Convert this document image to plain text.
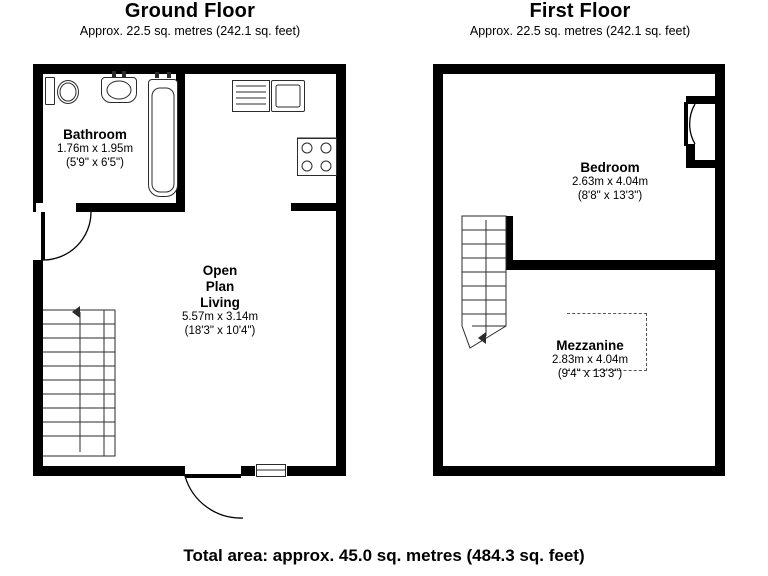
Ground Floor
Approx. 22.5 sq. metres (242.1 sq. feet)
First Floor
Approx. 22.5 sq. metres (242.1 sq. feet)
Bathroom
1.76m x 1.95m
(5'9" x 6'5")
Open
Plan
Living
5.57m x 3.14m
(18'3" x 10'4")
Bedroom
2.63m x 4.04m
(8'8" x 13'3")
Mezzanine
2.83m x 4.04m
(9'4" x 13'3")
Total area: approx. 45.0 sq. metres (484.3 sq. feet)
